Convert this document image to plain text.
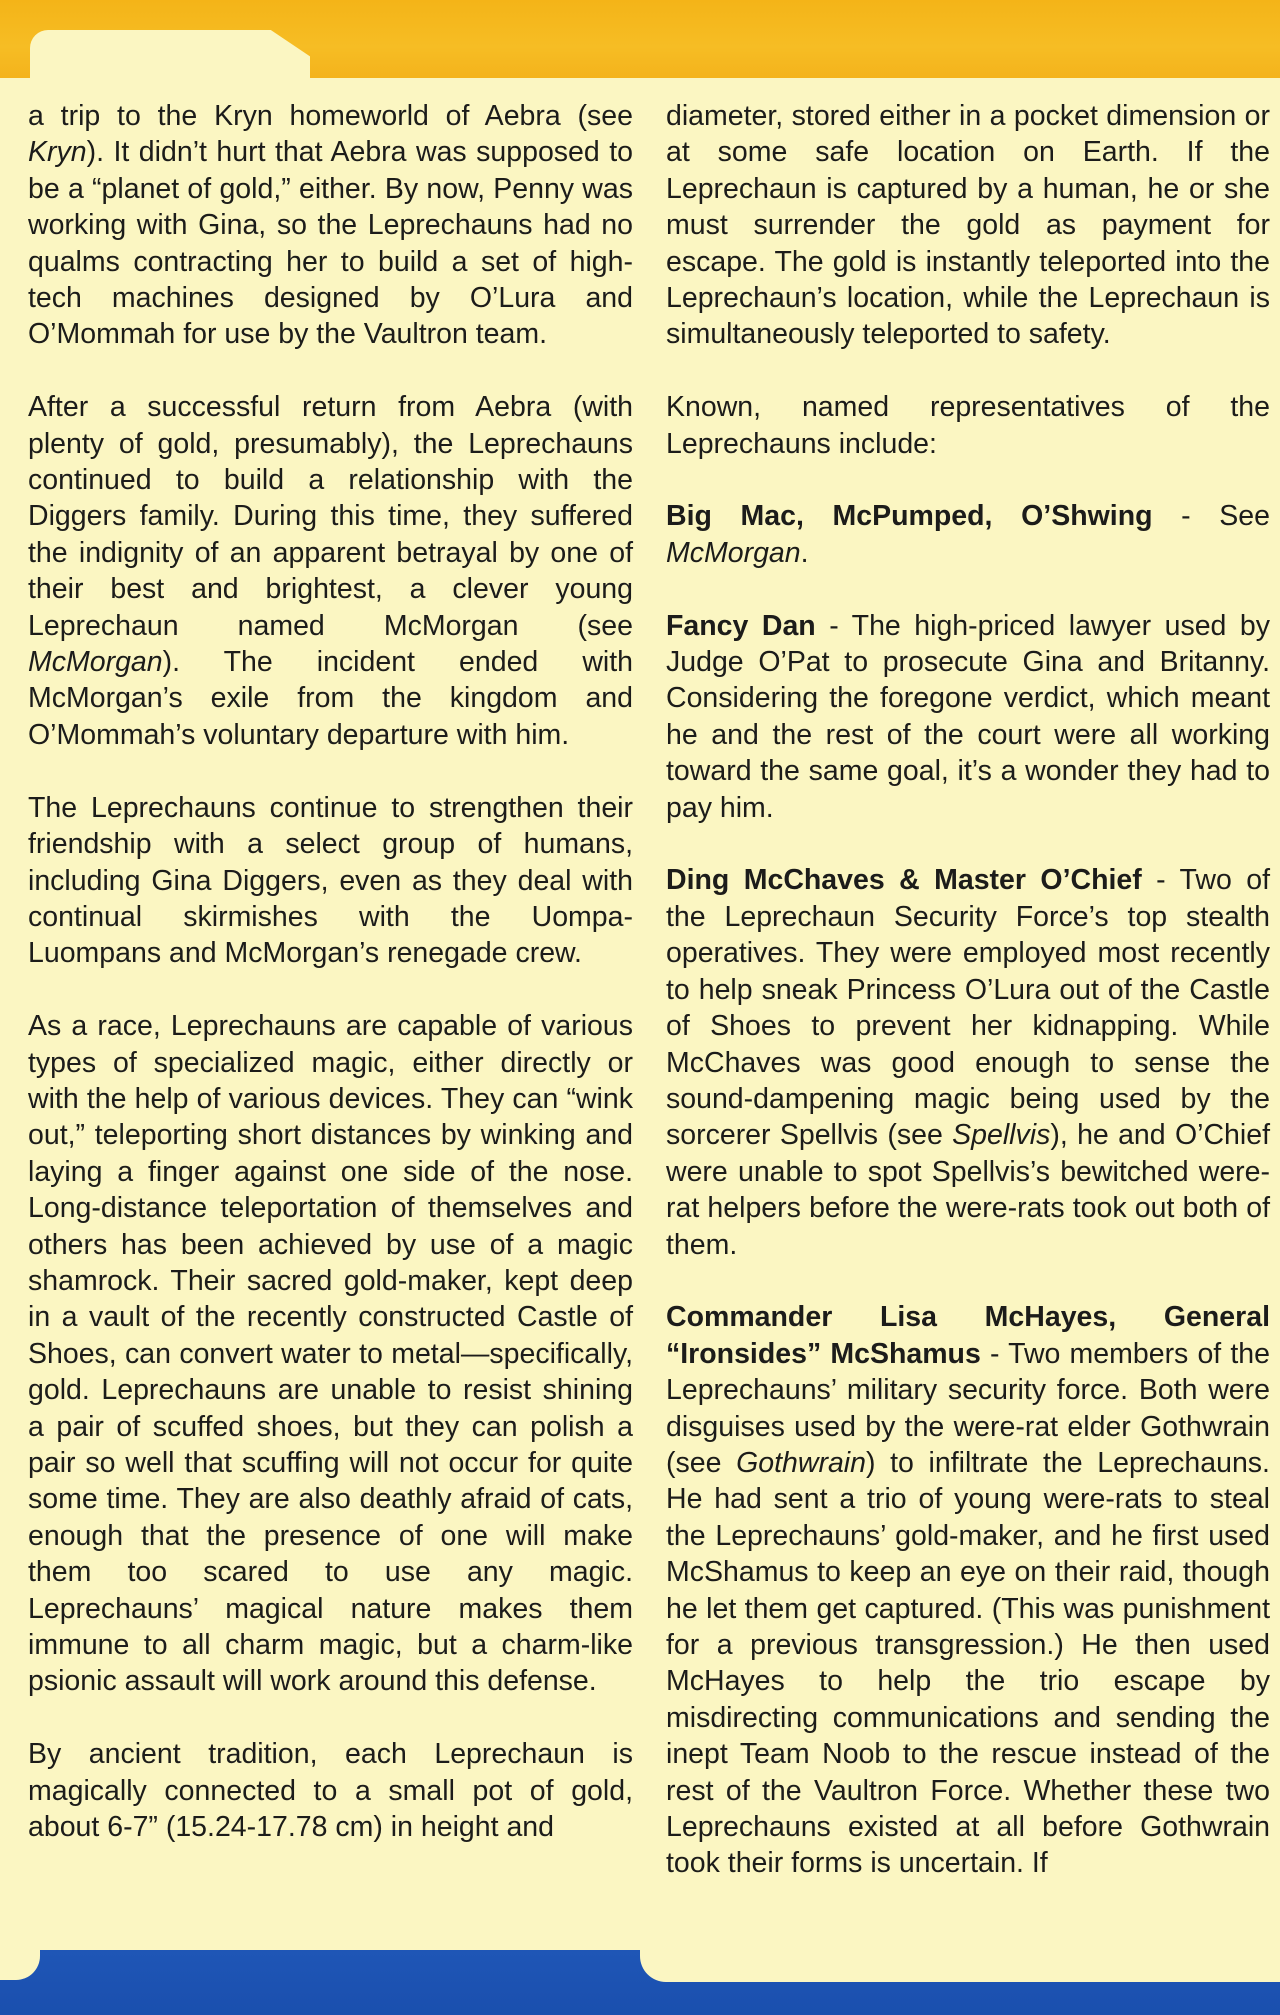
a trip to the Kryn homeworld of Aebra (see Kryn). It didn’t hurt that Aebra was supposed to be a “planet of gold,” either. By now, Penny was working with Gina, so the Leprechauns had no qualms contracting her to build a set of high-tech machines designed by O’Lura and O’Mommah for use by the Vaultron team.

After a successful return from Aebra (with plenty of gold, presumably), the Leprechauns continued to build a relationship with the Diggers family. During this time, they suffered the indignity of an apparent betrayal by one of their best and brightest, a clever young Leprechaun named McMorgan (see McMorgan). The incident ended with McMorgan’s exile from the kingdom and O’Mommah’s voluntary departure with him.

The Leprechauns continue to strengthen their friendship with a select group of humans, including Gina Diggers, even as they deal with continual skirmishes with the Uompa-Luompans and McMorgan’s renegade crew.

As a race, Leprechauns are capable of various types of specialized magic, either directly or with the help of various devices. They can “wink out,” teleporting short distances by winking and laying a finger against one side of the nose. Long-distance teleportation of themselves and others has been achieved by use of a magic shamrock. Their sacred gold-maker, kept deep in a vault of the recently constructed Castle of Shoes, can convert water to metal—specifically, gold. Leprechauns are unable to resist shining a pair of scuffed shoes, but they can polish a pair so well that scuffing will not occur for quite some time. They are also deathly afraid of cats, enough that the presence of one will make them too scared to use any magic. Leprechauns’ magical nature makes them immune to all charm magic, but a charm-like psionic assault will work around this defense.

By ancient tradition, each Leprechaun is magically connected to a small pot of gold, about 6-7” (15.24-17.78 cm) in height and

diameter, stored either in a pocket dimension or at some safe location on Earth. If the Leprechaun is captured by a human, he or she must surrender the gold as payment for escape. The gold is instantly teleported into the Leprechaun’s location, while the Leprechaun is simultaneously teleported to safety.

Known, named representatives of the Leprechauns include:

Big Mac, McPumped, O’Shwing - See McMorgan.

Fancy Dan - The high-priced lawyer used by Judge O’Pat to prosecute Gina and Britanny. Considering the foregone verdict, which meant he and the rest of the court were all working toward the same goal, it’s a wonder they had to pay him.

Ding McChaves & Master O’Chief - Two of the Leprechaun Security Force’s top stealth operatives. They were employed most recently to help sneak Princess O’Lura out of the Castle of Shoes to prevent her kidnapping. While McChaves was good enough to sense the sound-dampening magic being used by the sorcerer Spellvis (see Spellvis), he and O’Chief were unable to spot Spellvis’s bewitched were-rat helpers before the were-rats took out both of them.

Commander Lisa McHayes, General “Ironsides” McShamus - Two members of the Leprechauns’ military security force. Both were disguises used by the were-rat elder Gothwrain (see Gothwrain) to infiltrate the Leprechauns. He had sent a trio of young were-rats to steal the Leprechauns’ gold-maker, and he first used McShamus to keep an eye on their raid, though he let them get captured. (This was punishment for a previous transgression.) He then used McHayes to help the trio escape by misdirecting communications and sending the inept Team Noob to the rescue instead of the rest of the Vaultron Force. Whether these two Leprechauns existed at all before Gothwrain took their forms is uncertain. If
